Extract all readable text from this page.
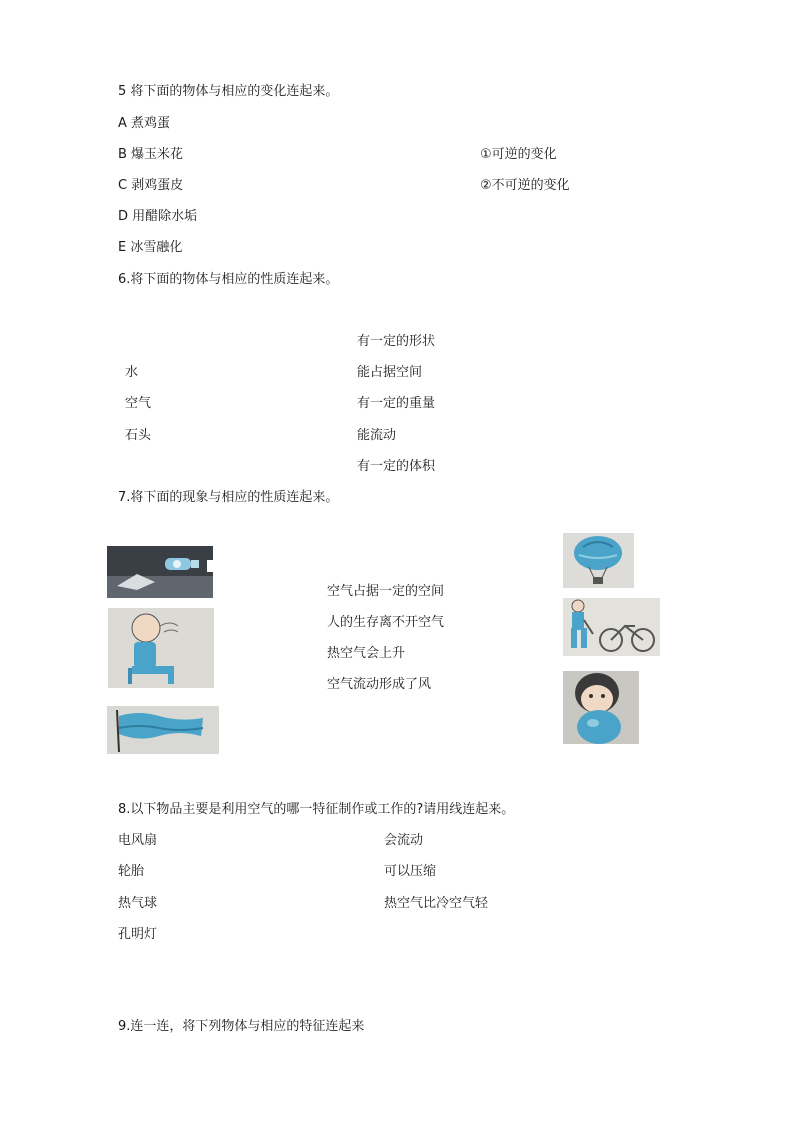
5 将下面的物体与相应的变化连起来。
A 煮鸡蛋
B 爆玉米花
C 剥鸡蛋皮
D 用醋除水垢
E 冰雪融化
①可逆的变化
②不可逆的变化
6.将下面的物体与相应的性质连起来。
有一定的形状
水	能占据空间
空气	有一定的重量
石头	能流动
有一定的体积
7.将下面的现象与相应的性质连起来。
空气占据一定的空间
人的生存离不开空气
热空气会上升
空气流动形成了风
8.以下物品主要是利用空气的哪一特征制作或工作的?请用线连起来。
电风扇	会流动
轮胎	可以压缩
热气球	热空气比冷空气轻
孔明灯
9.连一连，将下列物体与相应的特征连起来
